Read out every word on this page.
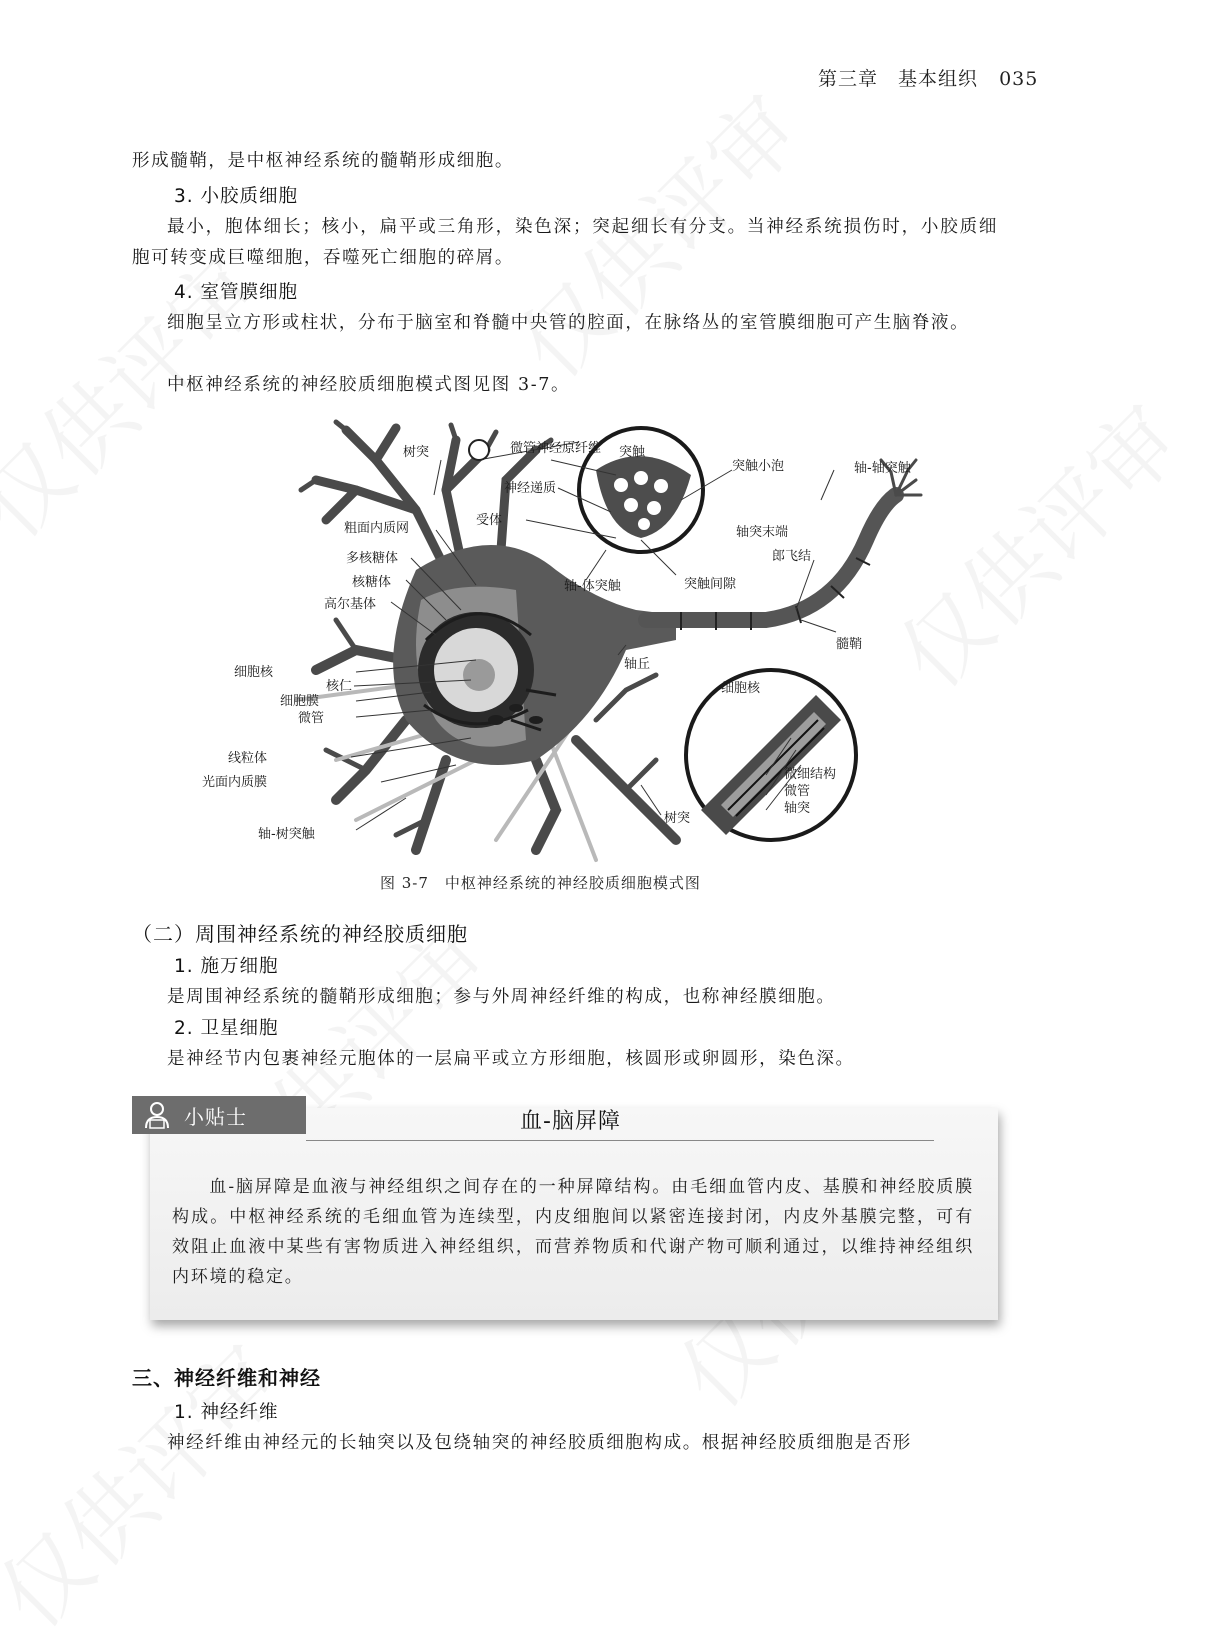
第三章　基本组织 035
形成髓鞘，是中枢神经系统的髓鞘形成细胞。
3. 小胶质细胞
最小，胞体细长；核小，扁平或三角形，染色深；突起细长有分支。当神经系统损伤时，小胶质细胞可转变成巨噬细胞，吞噬死亡细胞的碎屑。
4. 室管膜细胞
细胞呈立方形或柱状，分布于脑室和脊髓中央管的腔面，在脉络丛的室管膜细胞可产生脑脊液。
中枢神经系统的神经胶质细胞模式图见图 3-7。
树突	微管神经原纤维 突触
突触小泡	轴-轴突触
神经递质
受体
轴突末端
粗面内质网
郎飞结
多核糖体
核糖体	轴-体突触	突触间隙
高尔基体
髓鞘
细胞核
轴丘
细胞核
核仁
细胞膜
微管
线粒体
光面内质膜
轴-树突触
树突
微细结构
微管
轴突
图 3-7　中枢神经系统的神经胶质细胞模式图
（二）周围神经系统的神经胶质细胞
1. 施万细胞
是周围神经系统的髓鞘形成细胞；参与外周神经纤维的构成，也称神经膜细胞。
2. 卫星细胞
是神经节内包裹神经元胞体的一层扁平或立方形细胞，核圆形或卵圆形，染色深。
小贴士	血-脑屏障
血-脑屏障是血液与神经组织之间存在的一种屏障结构。由毛细血管内皮、基膜和神经胶质膜构成。中枢神经系统的毛细血管为连续型，内皮细胞间以紧密连接封闭，内皮外基膜完整，可有效阻止血液中某些有害物质进入神经组织，而营养物质和代谢产物可顺利通过，以维持神经组织内环境的稳定。
三、神经纤维和神经
1. 神经纤维
神经纤维由神经元的长轴突以及包绕轴突的神经胶质细胞构成。根据神经胶质细胞是否形
